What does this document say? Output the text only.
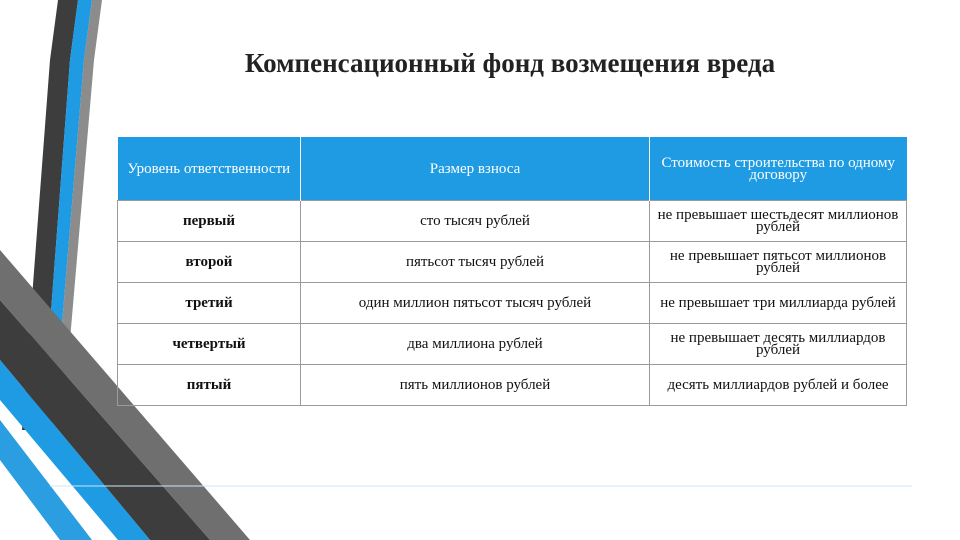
Компенсационный фонд возмещения вреда
Уровень ответственности	Размер взноса	Стоимость строительства по одному договору
первый	сто тысяч рублей	не превышает шестьдесят миллионов рублей
второй	пятьсот тысяч рублей	не превышает пятьсот миллионов рублей
третий	один миллион пятьсот тысяч рублей	не превышает три миллиарда рублей
четвертый	два миллиона рублей	не превышает десять миллиардов рублей
пятый	пять миллионов рублей	десять миллиардов рублей и более
